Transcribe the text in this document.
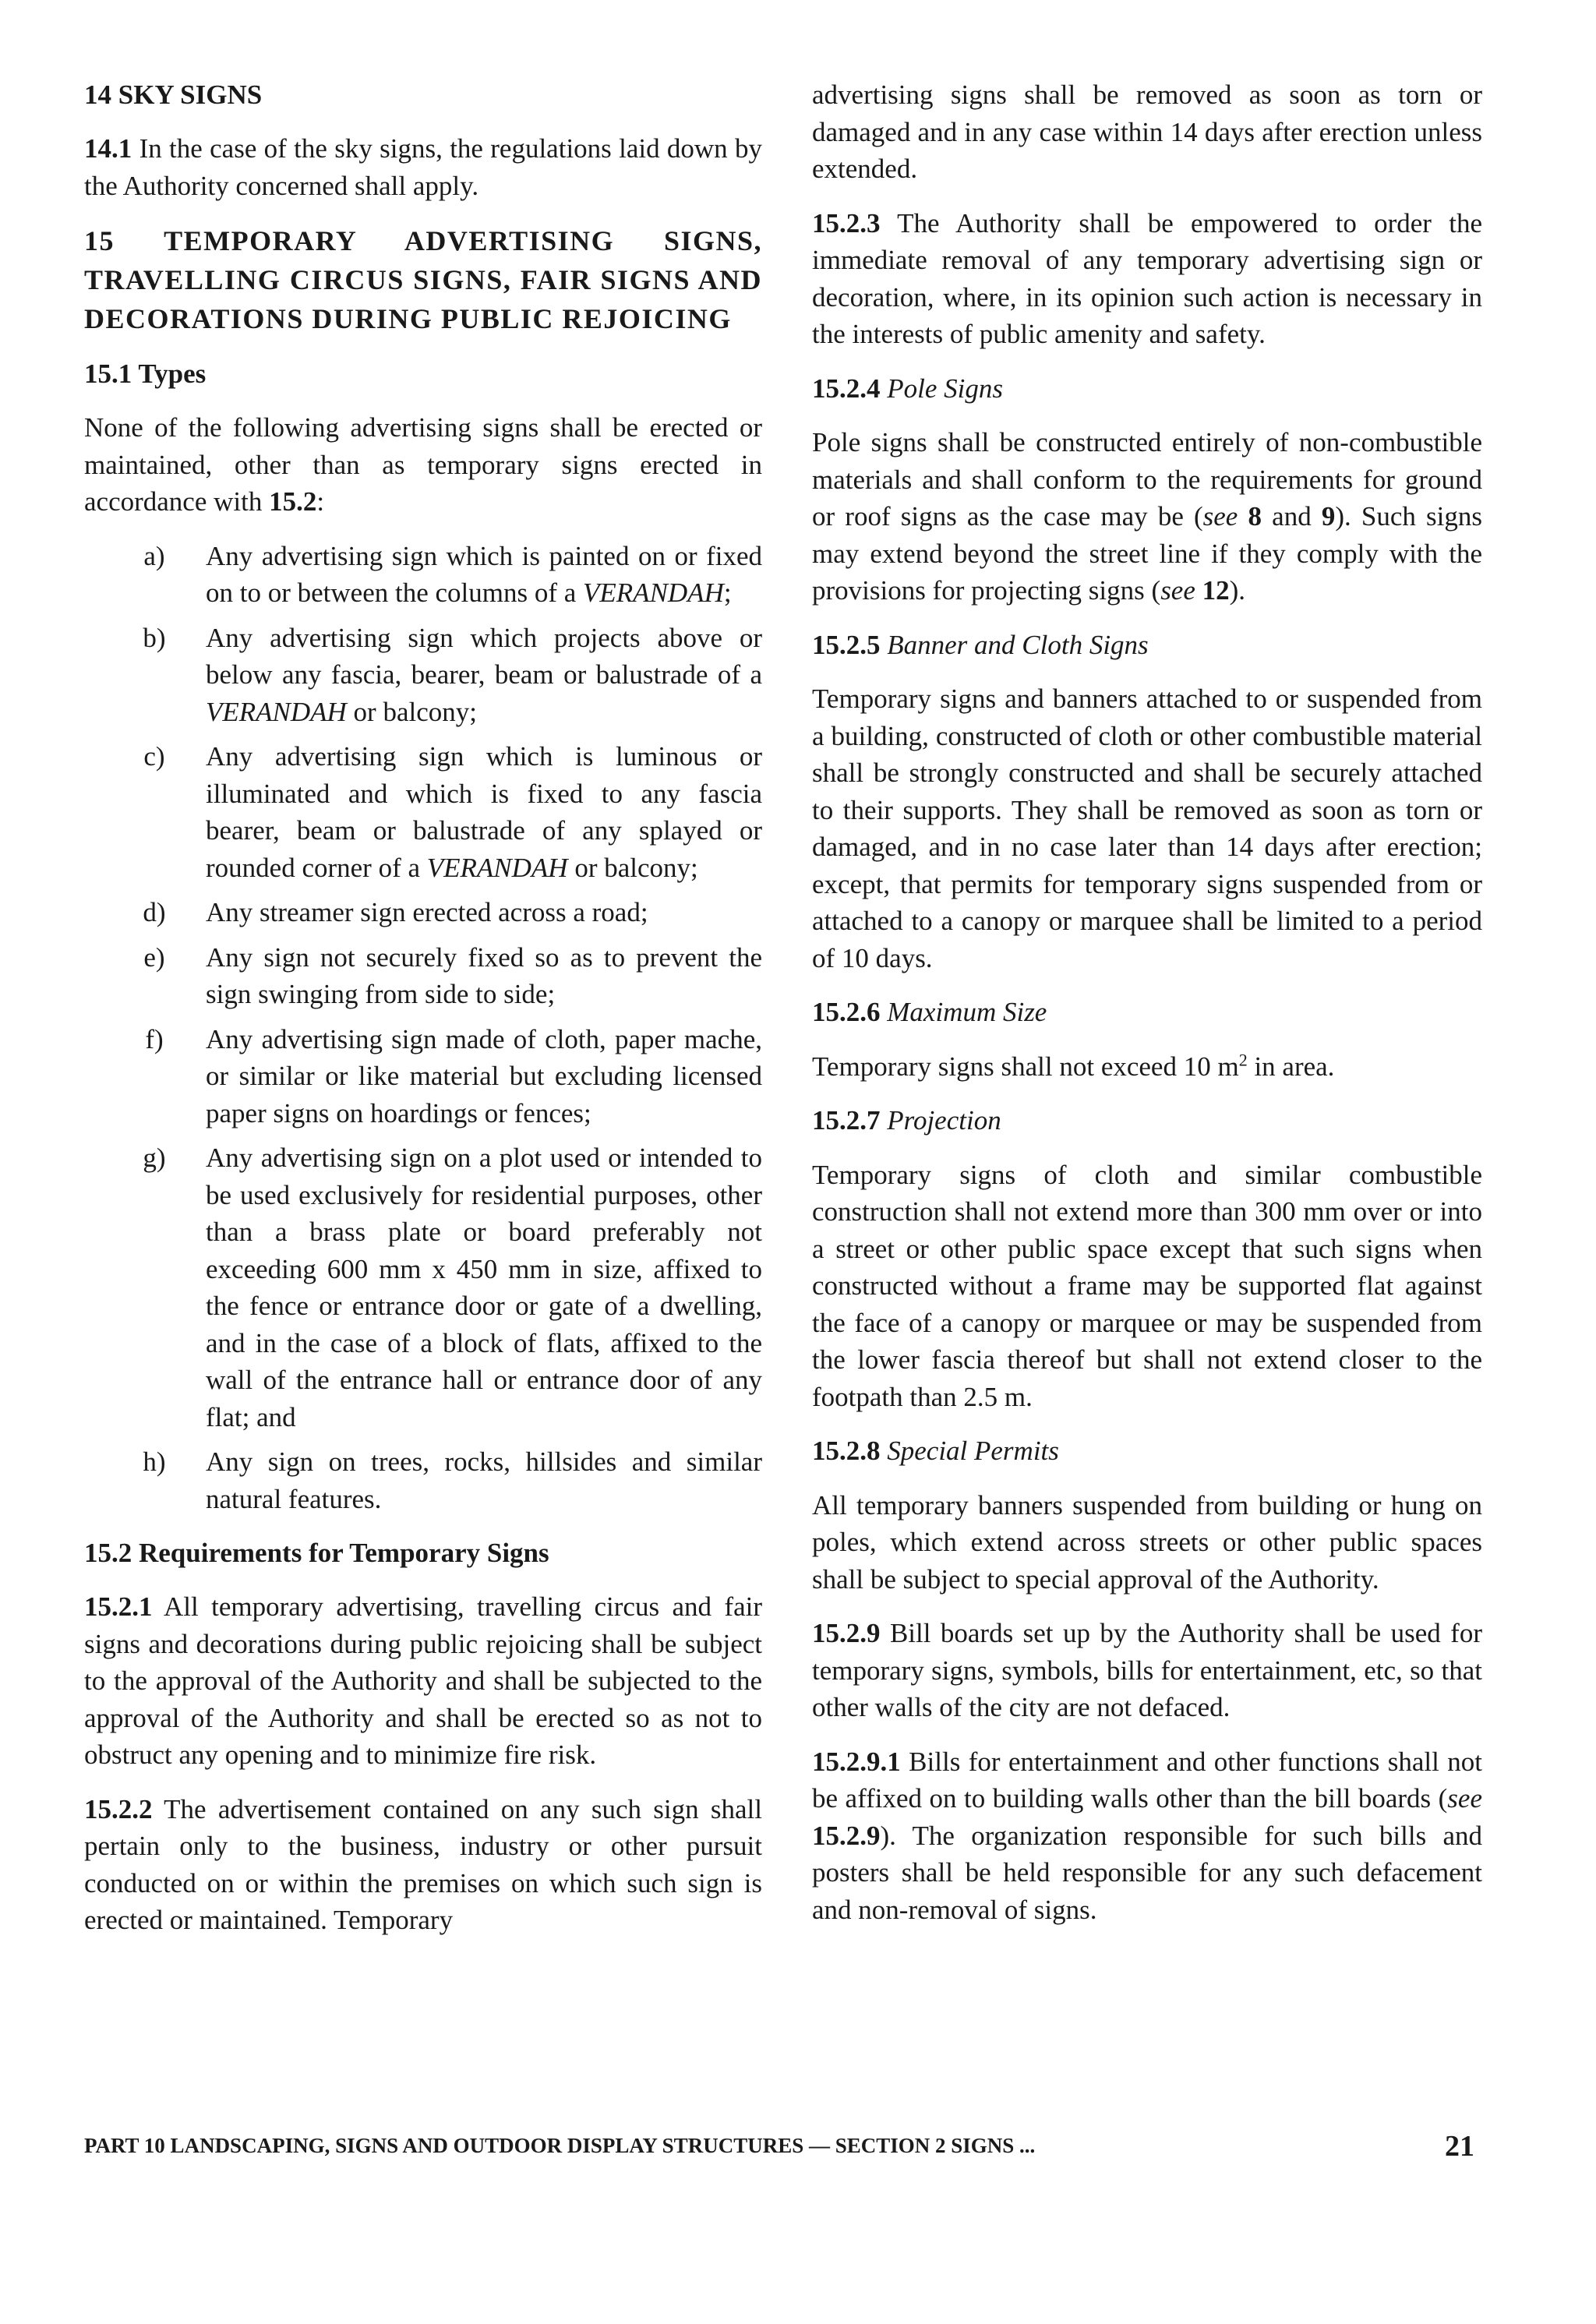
14 SKY SIGNS

14.1 In the case of the sky signs, the regulations laid down by the Authority concerned shall apply.

15 TEMPORARY ADVERTISING SIGNS, TRAVELLING CIRCUS SIGNS, FAIR SIGNS AND DECORATIONS DURING PUBLIC REJOICING
15.1 Types

None of the following advertising signs shall be erected or maintained, other than as temporary signs erected in accordance with 15.2:

a)	Any advertising sign which is painted on or fixed on to or between the columns of a VERANDAH;
b)	Any advertising sign which projects above or below any fascia, bearer, beam or balustrade of a VERANDAH or balcony;
c)	Any advertising sign which is luminous or illuminated and which is fixed to any fascia bearer, beam or balustrade of any splayed or rounded corner of a VERANDAH or balcony;
d)	Any streamer sign erected across a road;
e)	Any sign not securely fixed so as to prevent the sign swinging from side to side;
f)	Any advertising sign made of cloth, paper mache, or similar or like material but excluding licensed paper signs on hoardings or fences;
g)	Any advertising sign on a plot used or intended to be used exclusively for residential purposes, other than a brass plate or board preferably not exceeding 600 mm x 450 mm in size, affixed to the fence or entrance door or gate of a dwelling, and in the case of a block of flats, affixed to the wall of the entrance hall or entrance door of any flat; and
h)	Any sign on trees, rocks, hillsides and similar natural features.
15.2 Requirements for Temporary Signs

15.2.1 All temporary advertising, travelling circus and fair signs and decorations during public rejoicing shall be subject to the approval of the Authority and shall be subjected to the approval of the Authority and shall be erected so as not to obstruct any opening and to minimize fire risk.

15.2.2 The advertisement contained on any such sign shall pertain only to the business, industry or other pursuit conducted on or within the premises on which such sign is erected or maintained. Temporary

advertising signs shall be removed as soon as torn or damaged and in any case within 14 days after erection unless extended.

15.2.3 The Authority shall be empowered to order the immediate removal of any temporary advertising sign or decoration, where, in its opinion such action is necessary in the interests of public amenity and safety.

15.2.4 Pole Signs

Pole signs shall be constructed entirely of non-combustible materials and shall conform to the requirements for ground or roof signs as the case may be (see 8 and 9). Such signs may extend beyond the street line if they comply with the provisions for projecting signs (see 12).

15.2.5 Banner and Cloth Signs

Temporary signs and banners attached to or suspended from a building, constructed of cloth or other combustible material shall be strongly constructed and shall be securely attached to their supports. They shall be removed as soon as torn or damaged, and in no case later than 14 days after erection; except, that permits for temporary signs suspended from or attached to a canopy or marquee shall be limited to a period of 10 days.

15.2.6 Maximum Size

Temporary signs shall not exceed 10 $m^2$ in area.

15.2.7 Projection

Temporary signs of cloth and similar combustible construction shall not extend more than 300 mm over or into a street or other public space except that such signs when constructed without a frame may be supported flat against the face of a canopy or marquee or may be suspended from the lower fascia thereof but shall not extend closer to the footpath than 2.5 m.

15.2.8 Special Permits

All temporary banners suspended from building or hung on poles, which extend across streets or other public spaces shall be subject to special approval of the Authority.

15.2.9 Bill boards set up by the Authority shall be used for temporary signs, symbols, bills for entertainment, etc, so that other walls of the city are not defaced.

15.2.9.1 Bills for entertainment and other functions shall not be affixed on to building walls other than the bill boards (see 15.2.9). The organization responsible for such bills and posters shall be held responsible for any such defacement and non-removal of signs.

PART 10 LANDSCAPING, SIGNS AND OUTDOOR DISPLAY STRUCTURES — SECTION 2 SIGNS ...	21
